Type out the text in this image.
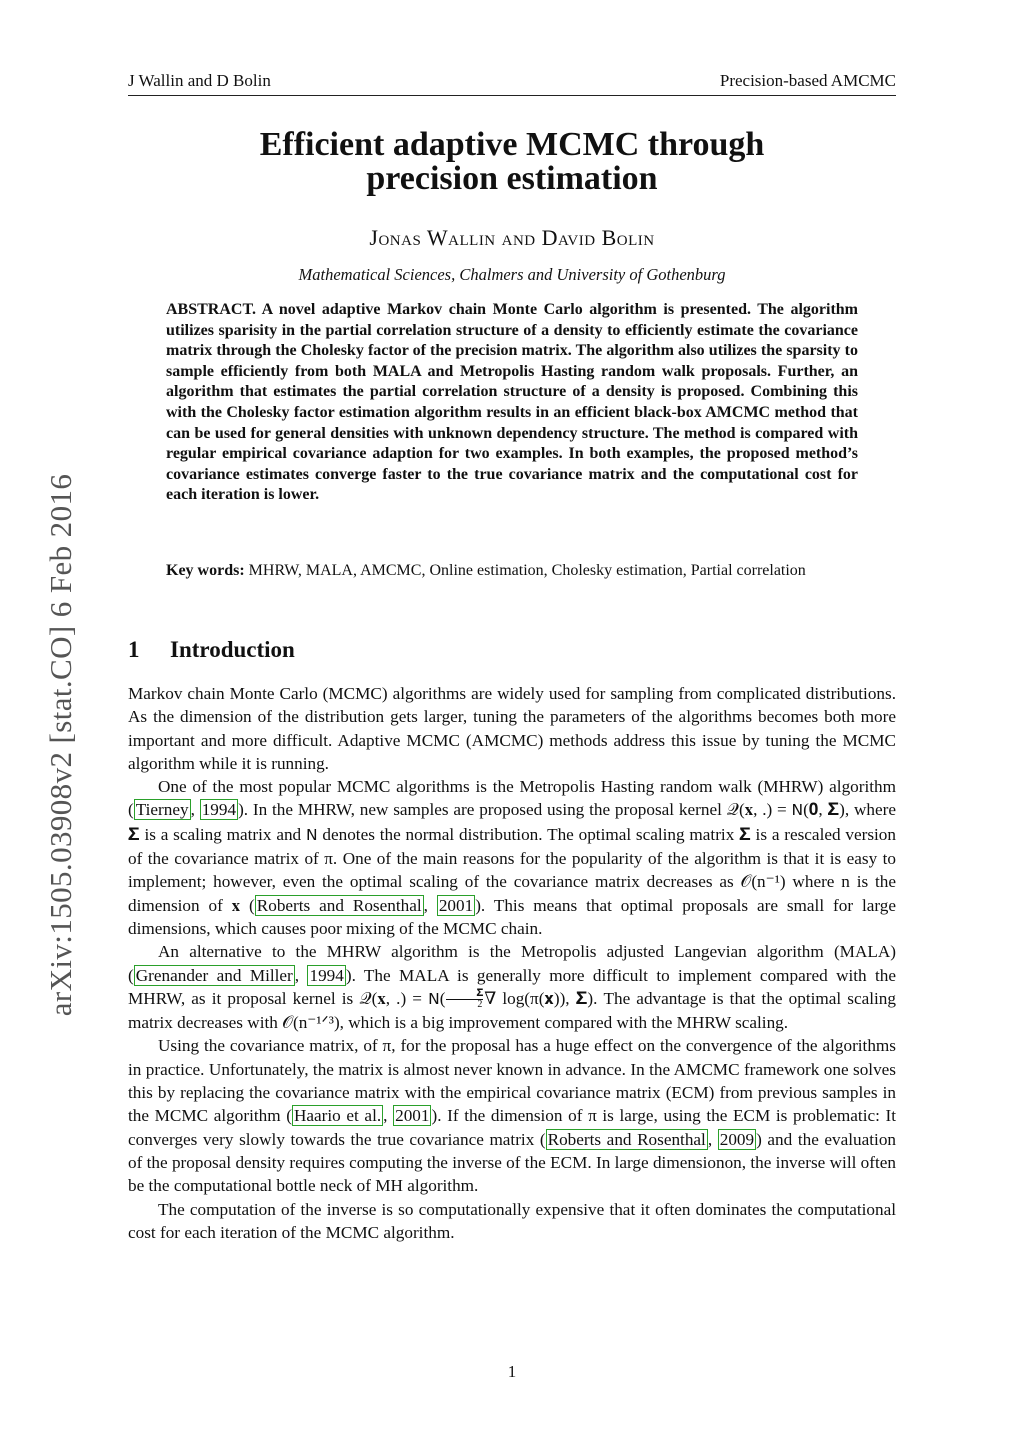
J Wallin and D Bolin	Precision-based AMCMC
arXiv:1505.03908v2 [stat.CO] 6 Feb 2016
Efficient adaptive MCMC through
precision estimation
Jonas Wallin and David Bolin
Mathematical Sciences, Chalmers and University of Gothenburg

ABSTRACT. A novel adaptive Markov chain Monte Carlo algorithm is presented. The algorithm utilizes sparisity in the partial correlation structure of a density to efficiently estimate the covariance matrix through the Cholesky factor of the precision matrix. The algorithm also utilizes the sparsity to sample efficiently from both MALA and Metropolis Hasting random walk proposals. Further, an algorithm that estimates the partial correlation structure of a density is proposed. Combining this with the Cholesky factor estimation algorithm results in an efficient black-box AMCMC method that can be used for general densities with unknown dependency structure. The method is compared with regular empirical covariance adaption for two examples. In both examples, the proposed method’s covariance estimates converge faster to the true covariance matrix and the computational cost for each iteration is lower.

Key words: MHRW, MALA, AMCMC, Online estimation, Cholesky estimation, Partial correlation

1 Introduction

Markov chain Monte Carlo (MCMC) algorithms are widely used for sampling from complicated distributions. As the dimension of the distribution gets larger, tuning the parameters of the algorithms becomes both more important and more difficult. Adaptive MCMC (AMCMC) methods address this issue by tuning the MCMC algorithm while it is running.

One of the most popular MCMC algorithms is the Metropolis Hasting random walk (MHRW) algorithm ( Tierney , 1994 ). In the MHRW, new samples are proposed using the proposal kernel 𝒬(𝐱, .) = N(𝟎, 𝚺), where 𝚺 is a scaling matrix and N denotes the normal distribution. The optimal scaling matrix 𝚺 is a rescaled version of the covariance matrix of π. One of the main reasons for the popularity of the algorithm is that it is easy to implement; however, even the optimal scaling of the covariance matrix decreases as 𝒪(n⁻¹) where n is the dimension of 𝐱 ( Roberts and Rosenthal , 2001 ). This means that optimal proposals are small for large dimensions, which causes poor mixing of the MCMC chain.

An alternative to the MHRW algorithm is the Metropolis adjusted Langevian algorithm (MALA) ( Grenander and Miller , 1994 ). The MALA is generally more difficult to implement compared with the MHRW, as it proposal kernel is 𝒬(𝐱, .) = $N( \frac{\text{𝚺}}{2}$ ∇ log(π(𝐱)), 𝚺). The advantage is that the optimal scaling matrix decreases with 𝒪(n⁻¹ᐟ³), which is a big improvement compared with the MHRW scaling.

Using the covariance matrix, of π, for the proposal has a huge effect on the convergence of the algorithms in practice. Unfortunately, the matrix is almost never known in advance. In the AMCMC framework one solves this by replacing the covariance matrix with the empirical covariance matrix (ECM) from previous samples in the MCMC algorithm ( Haario et al. , 2001 ). If the dimension of π is large, using the ECM is problematic: It converges very slowly towards the true covariance matrix ( Roberts and Rosenthal , 2009 ) and the evaluation of the proposal density requires computing the inverse of the ECM. In large dimensionon, the inverse will often be the computational bottle neck of MH algorithm.

The computation of the inverse is so computationally expensive that it often dominates the computational cost for each iteration of the MCMC algorithm.

1
